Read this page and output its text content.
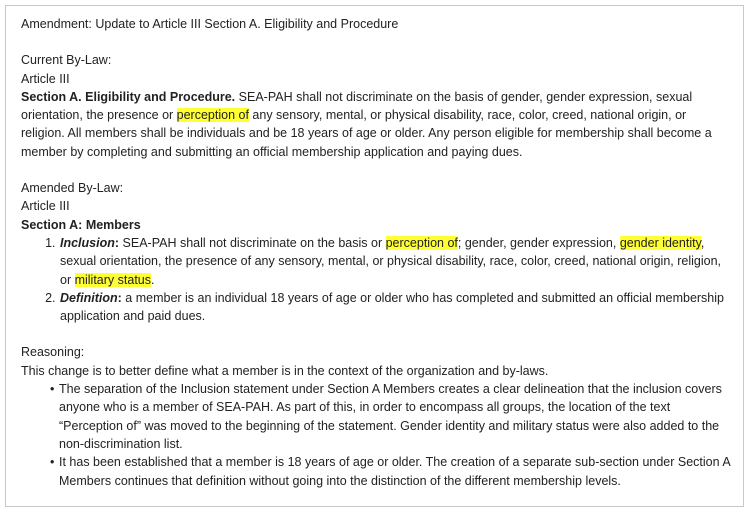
Amendment: Update to Article III Section A. Eligibility and Procedure

Current By-Law:

Article III

Section A. Eligibility and Procedure. SEA-PAH shall not discriminate on the basis of gender, gender expression, sexual orientation, the presence or perception of any sensory, mental, or physical disability, race, color, creed, national origin, or religion. All members shall be individuals and be 18 years of age or older. Any person eligible for membership shall become a member by completing and submitting an official membership application and paying dues.

Amended By-Law:

Article III

Section A: Members

1. Inclusion: SEA-PAH shall not discriminate on the basis or perception of; gender, gender expression, gender identity, sexual orientation, the presence of any sensory, mental, or physical disability, race, color, creed, national origin, religion, or military status.
2. Definition: a member is an individual 18 years of age or older who has completed and submitted an official membership application and paid dues.

Reasoning:

This change is to better define what a member is in the context of the organization and by-laws.

• The separation of the Inclusion statement under Section A Members creates a clear delineation that the inclusion covers anyone who is a member of SEA-PAH. As part of this, in order to encompass all groups, the location of the text “Perception of” was moved to the beginning of the statement. Gender identity and military status were also added to the non-discrimination list.
• It has been established that a member is 18 years of age or older. The creation of a separate sub-section under Section A Members continues that definition without going into the distinction of the different membership levels.
